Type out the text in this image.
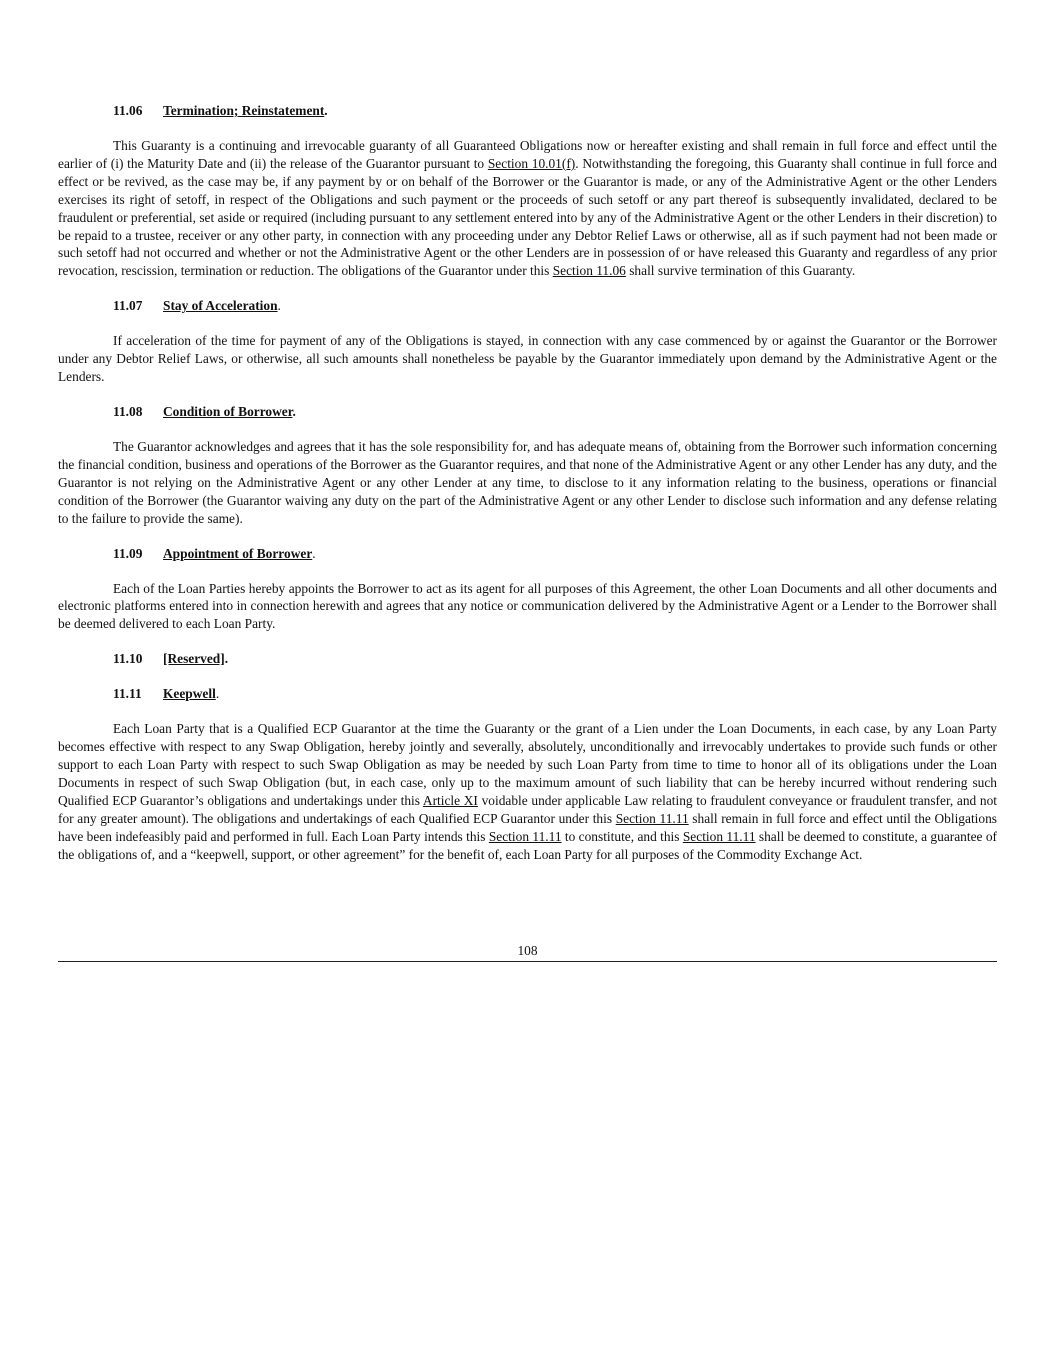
11.06 Termination; Reinstatement.

This Guaranty is a continuing and irrevocable guaranty of all Guaranteed Obligations now or hereafter existing and shall remain in full force and effect until the earlier of (i) the Maturity Date and (ii) the release of the Guarantor pursuant to Section 10.01(f). Notwithstanding the foregoing, this Guaranty shall continue in full force and effect or be revived, as the case may be, if any payment by or on behalf of the Borrower or the Guarantor is made, or any of the Administrative Agent or the other Lenders exercises its right of setoff, in respect of the Obligations and such payment or the proceeds of such setoff or any part thereof is subsequently invalidated, declared to be fraudulent or preferential, set aside or required (including pursuant to any settlement entered into by any of the Administrative Agent or the other Lenders in their discretion) to be repaid to a trustee, receiver or any other party, in connection with any proceeding under any Debtor Relief Laws or otherwise, all as if such payment had not been made or such setoff had not occurred and whether or not the Administrative Agent or the other Lenders are in possession of or have released this Guaranty and regardless of any prior revocation, rescission, termination or reduction. The obligations of the Guarantor under this Section 11.06 shall survive termination of this Guaranty.

11.07 Stay of Acceleration.

If acceleration of the time for payment of any of the Obligations is stayed, in connection with any case commenced by or against the Guarantor or the Borrower under any Debtor Relief Laws, or otherwise, all such amounts shall nonetheless be payable by the Guarantor immediately upon demand by the Administrative Agent or the Lenders.

11.08 Condition of Borrower.

The Guarantor acknowledges and agrees that it has the sole responsibility for, and has adequate means of, obtaining from the Borrower such information concerning the financial condition, business and operations of the Borrower as the Guarantor requires, and that none of the Administrative Agent or any other Lender has any duty, and the Guarantor is not relying on the Administrative Agent or any other Lender at any time, to disclose to it any information relating to the business, operations or financial condition of the Borrower (the Guarantor waiving any duty on the part of the Administrative Agent or any other Lender to disclose such information and any defense relating to the failure to provide the same).

11.09 Appointment of Borrower.

Each of the Loan Parties hereby appoints the Borrower to act as its agent for all purposes of this Agreement, the other Loan Documents and all other documents and electronic platforms entered into in connection herewith and agrees that any notice or communication delivered by the Administrative Agent or a Lender to the Borrower shall be deemed delivered to each Loan Party.

11.10 [Reserved].
11.11 Keepwell.

Each Loan Party that is a Qualified ECP Guarantor at the time the Guaranty or the grant of a Lien under the Loan Documents, in each case, by any Loan Party becomes effective with respect to any Swap Obligation, hereby jointly and severally, absolutely, unconditionally and irrevocably undertakes to provide such funds or other support to each Loan Party with respect to such Swap Obligation as may be needed by such Loan Party from time to time to honor all of its obligations under the Loan Documents in respect of such Swap Obligation (but, in each case, only up to the maximum amount of such liability that can be hereby incurred without rendering such Qualified ECP Guarantor’s obligations and undertakings under this Article XI voidable under applicable Law relating to fraudulent conveyance or fraudulent transfer, and not for any greater amount). The obligations and undertakings of each Qualified ECP Guarantor under this Section 11.11 shall remain in full force and effect until the Obligations have been indefeasibly paid and performed in full. Each Loan Party intends this Section 11.11 to constitute, and this Section 11.11 shall be deemed to constitute, a guarantee of the obligations of, and a “keepwell, support, or other agreement” for the benefit of, each Loan Party for all purposes of the Commodity Exchange Act.

108
